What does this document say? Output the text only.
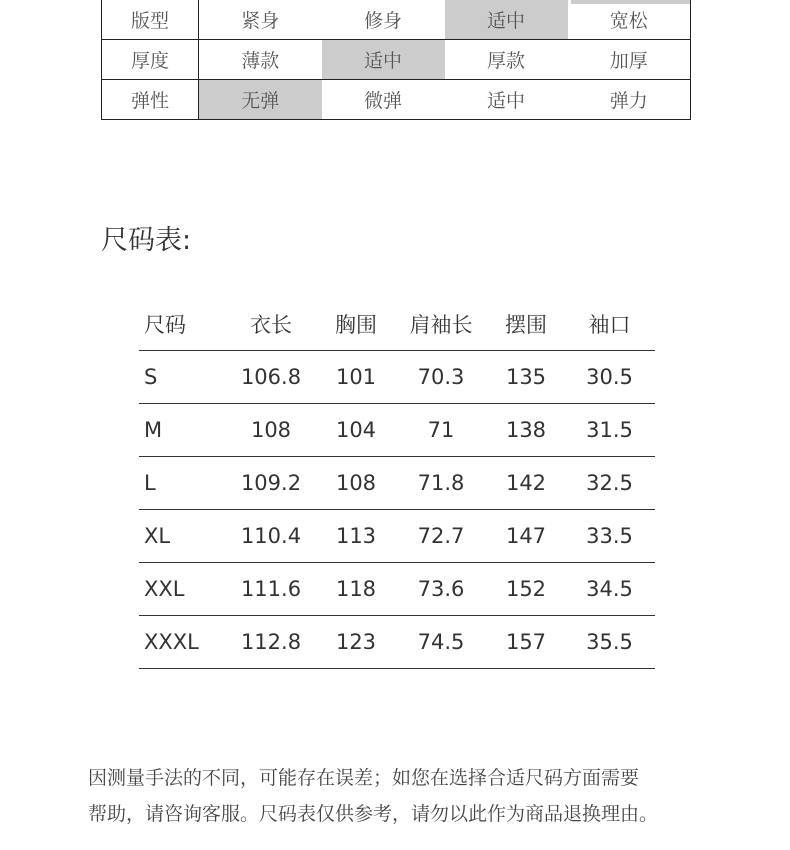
版型	紧身	修身	适中	宽松
厚度	薄款	适中	厚款	加厚
弹性	无弹	微弹	适中	弹力
尺码表:
尺码	衣长	胸围	肩袖长	摆围	袖口
S	106.8	101	70.3	135	30.5
M	108	104	71	138	31.5
L	109.2	108	71.8	142	32.5
XL	110.4	113	72.7	147	33.5
XXL	111.6	118	73.6	152	34.5
XXXL	112.8	123	74.5	157	35.5

因测量手法的不同，可能存在误差；如您在选择合适尺码方面需要

帮助，请咨询客服。尺码表仅供参考，请勿以此作为商品退换理由。
